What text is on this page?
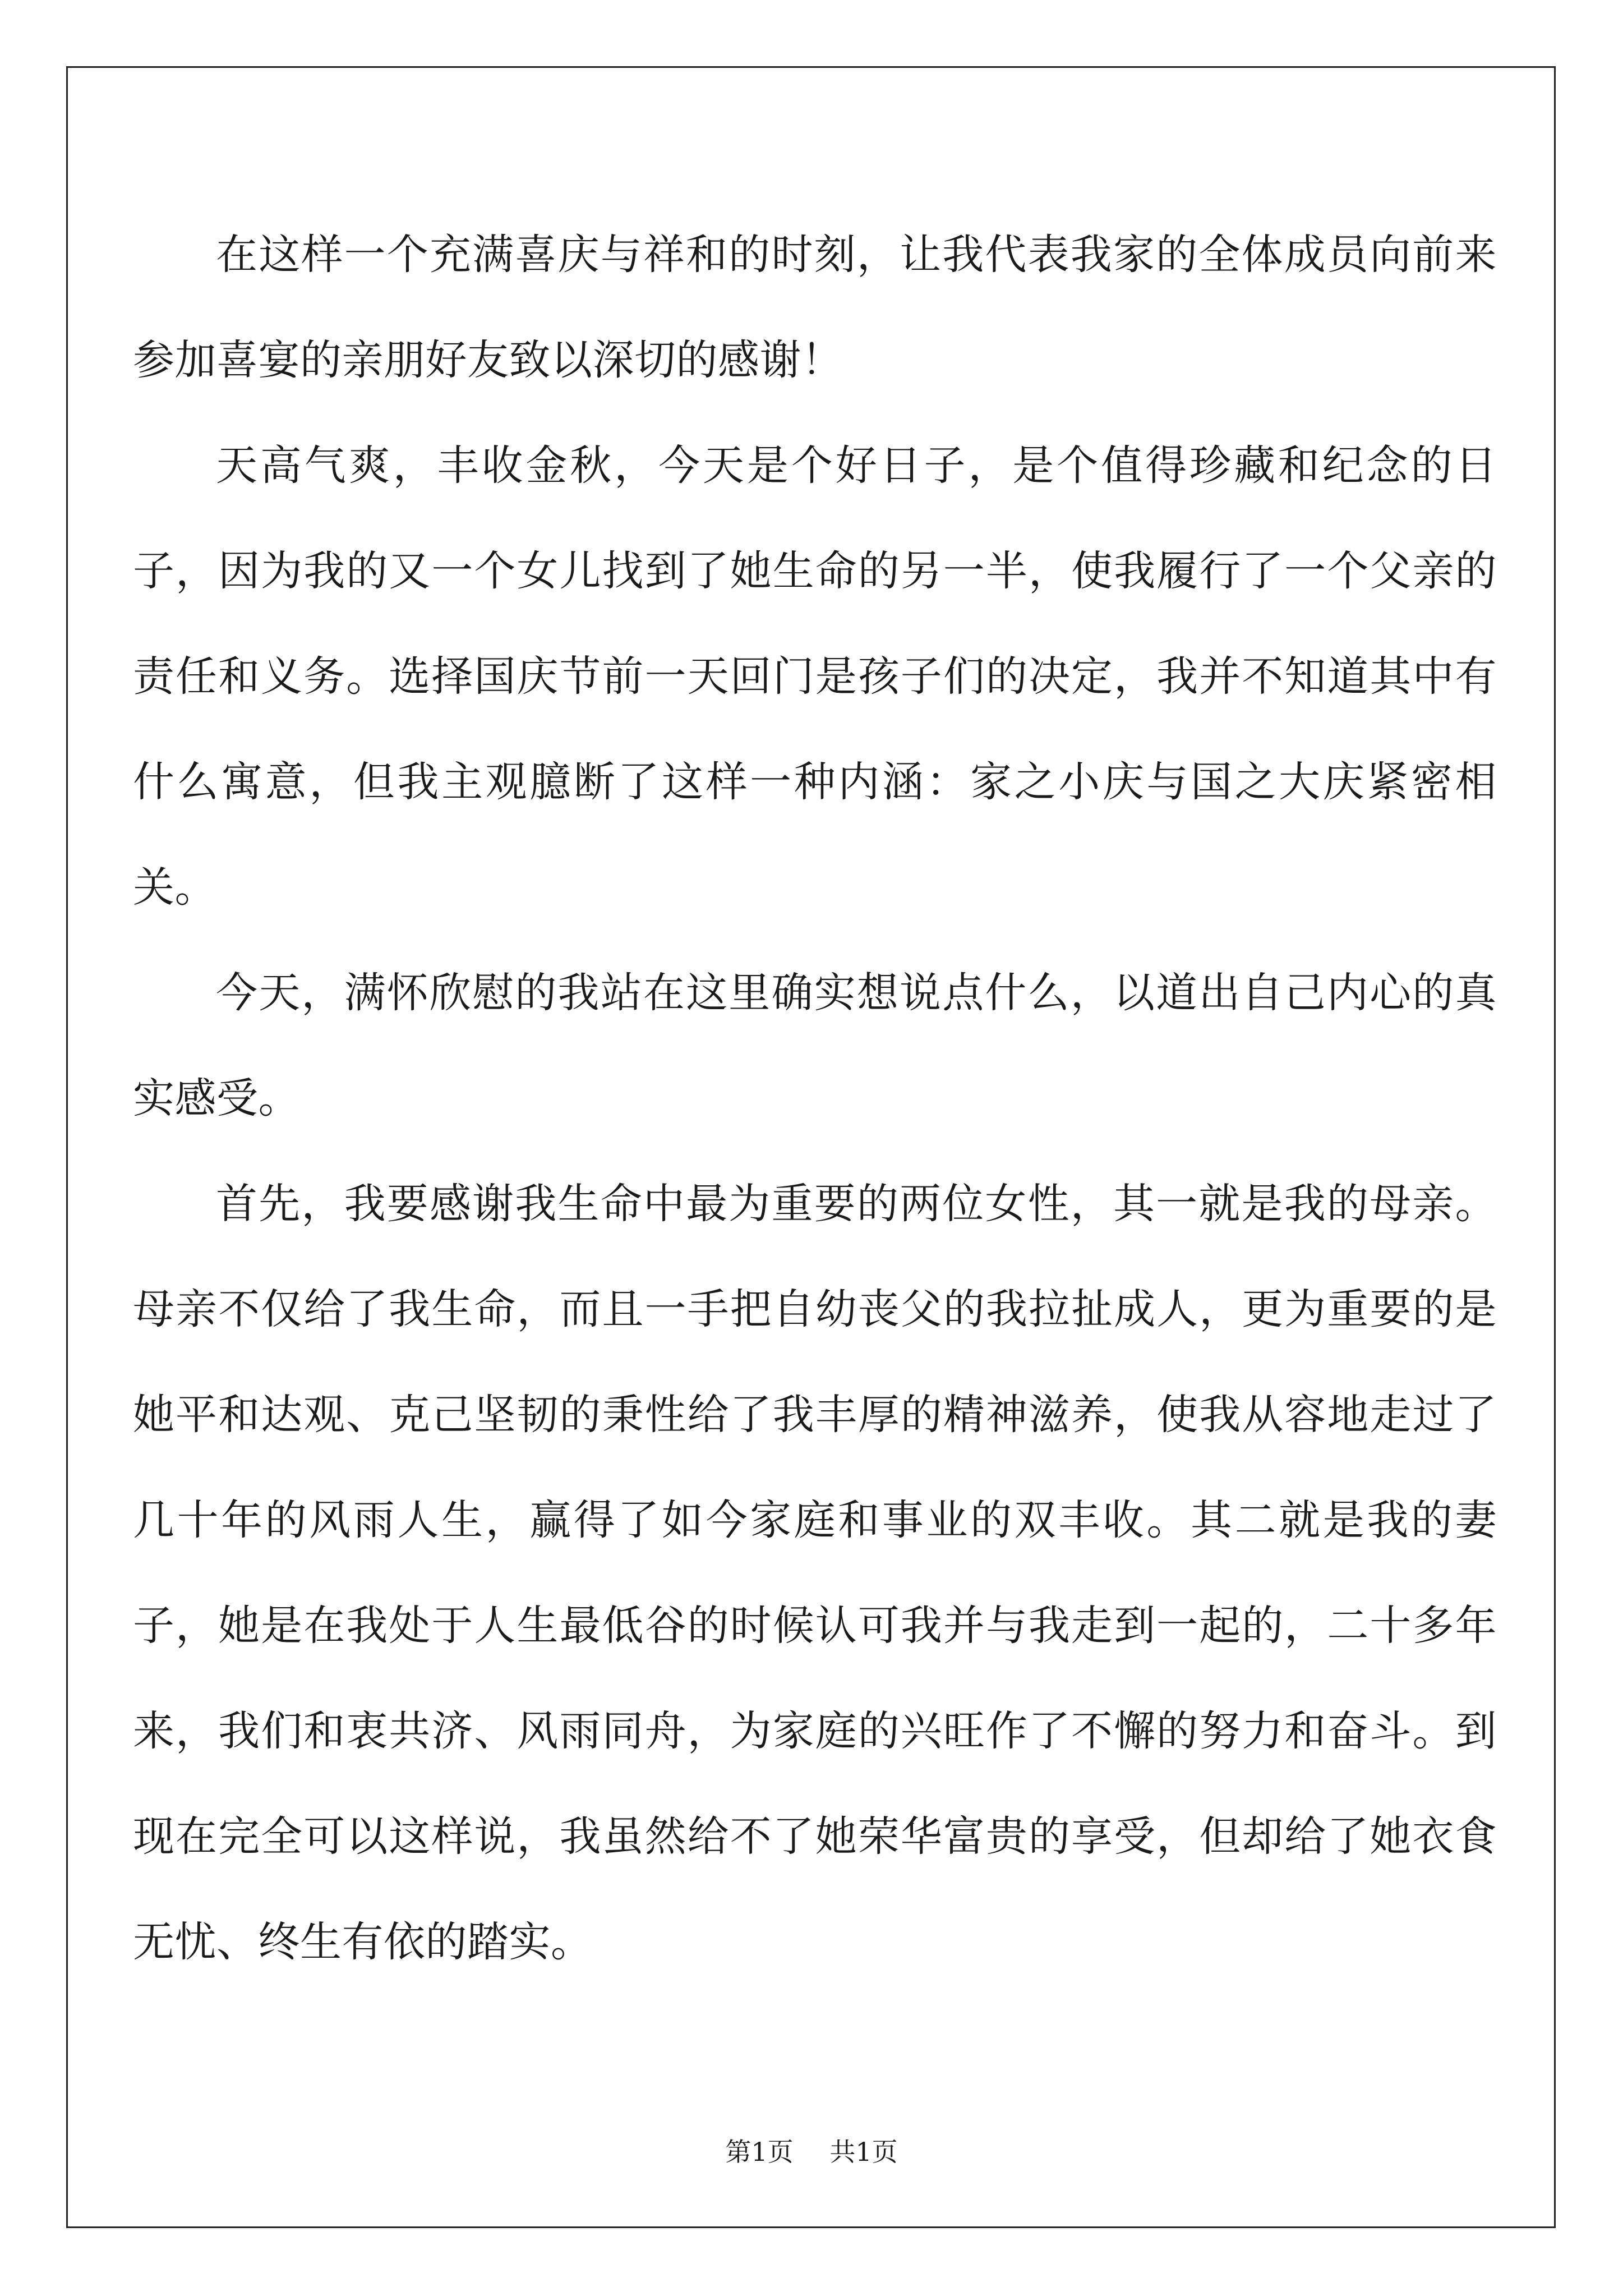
在这样一个充满喜庆与祥和的时刻，让我代表我家的全体成员向前来参加喜宴的亲朋好友致以深切的感谢！

天高气爽，丰收金秋，今天是个好日子，是个值得珍藏和纪念的日子，因为我的又一个女儿找到了她生命的另一半，使我履行了一个父亲的责任和义务。选择国庆节前一天回门是孩子们的决定，我并不知道其中有什么寓意，但我主观臆断了这样一种内涵：家之小庆与国之大庆紧密相关。

今天，满怀欣慰的我站在这里确实想说点什么，以道出自己内心的真实感受。

首先，我要感谢我生命中最为重要的两位女性，其一就是我的母亲。母亲不仅给了我生命，而且一手把自幼丧父的我拉扯成人，更为重要的是她平和达观、克己坚韧的秉性给了我丰厚的精神滋养，使我从容地走过了几十年的风雨人生，赢得了如今家庭和事业的双丰收。其二就是我的妻子，她是在我处于人生最低谷的时候认可我并与我走到一起的，二十多年来，我们和衷共济、风雨同舟，为家庭的兴旺作了不懈的努力和奋斗。到现在完全可以这样说，我虽然给不了她荣华富贵的享受，但却给了她衣食无忧、终生有依的踏实。

第1页 共1页
